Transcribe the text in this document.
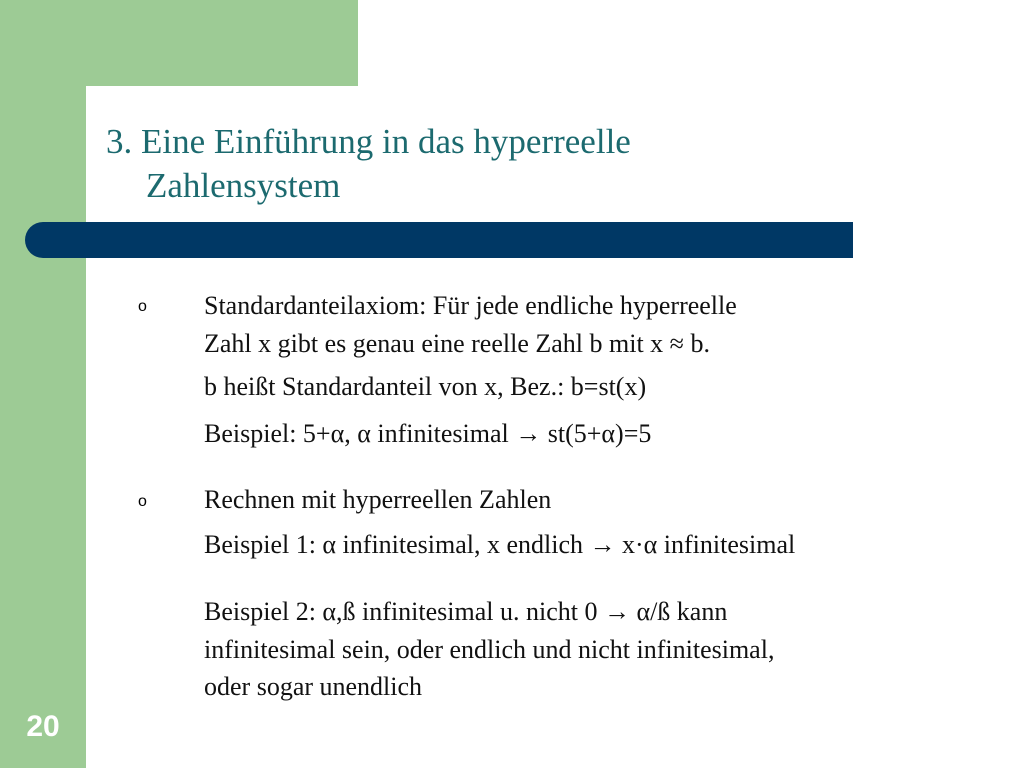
3. Eine Einführung in das hyperreelle
Zahlensystem
o Standardanteilaxiom: Für jede endliche hyperreelle
Zahl x gibt es genau eine reelle Zahl b mit x ≈ b.
b heißt Standardanteil von x, Bez.: b=st(x)
Beispiel: 5+α, α infinitesimal → st(5+α)=5
o Rechnen mit hyperreellen Zahlen
Beispiel 1: α infinitesimal, x endlich → x·α infinitesimal
Beispiel 2: α,ß infinitesimal u. nicht 0 → α/ß kann
infinitesimal sein, oder endlich und nicht infinitesimal,
oder sogar unendlich
20
